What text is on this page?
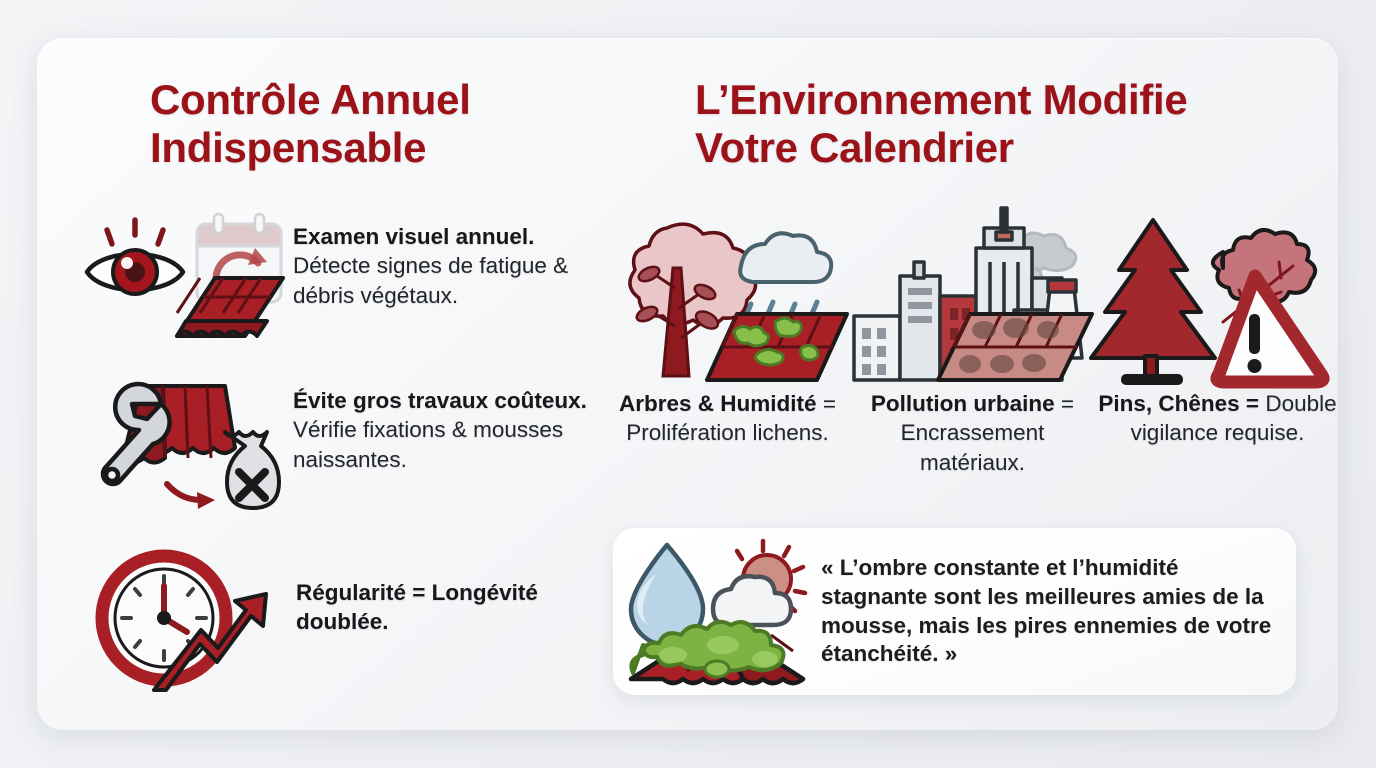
Contrôle Annuel Indispensable
L’Environnement Modifie Votre Calendrier
Examen visuel annuel. Détecte signes de fatigue & débris végétaux.
Évite gros travaux coûteux. Vérifie fixations & mousses naissantes.
Régularité = Longévité doublée.
Arbres & Humidité = Prolifération lichens.
Pollution urbaine = Encrassement matériaux.
Pins, Chênes = Double vigilance requise.
« L’ombre constante et l’humidité stagnante sont les meilleures amies de la mousse, mais les pires ennemies de votre étanchéité. »
